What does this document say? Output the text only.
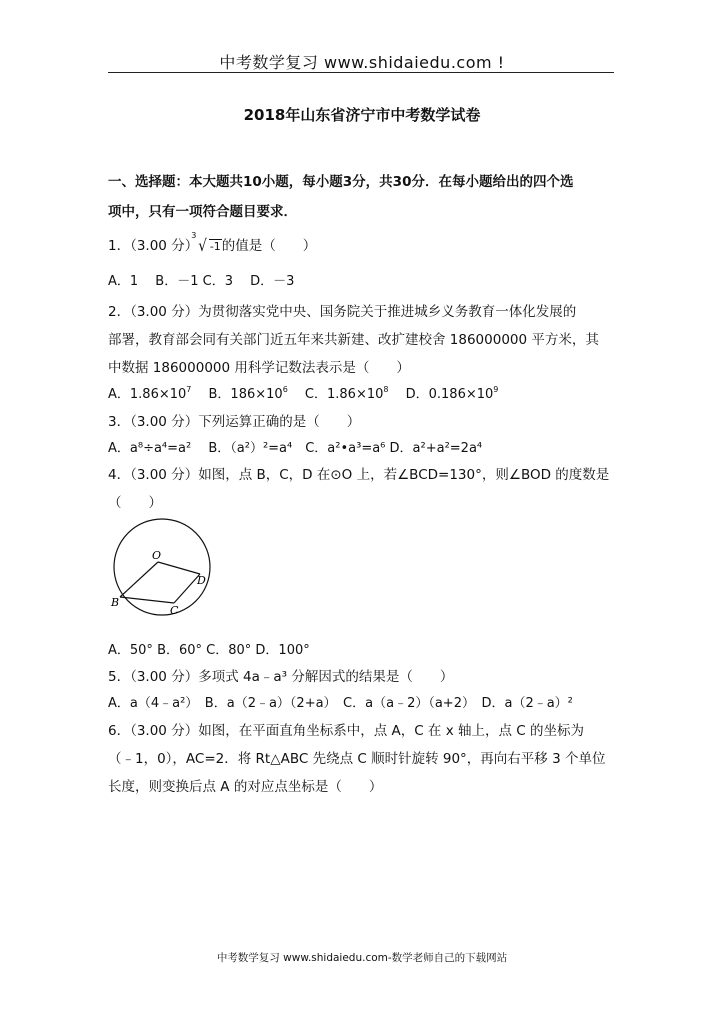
中考数学复习 www.shidaiedu.com !
2018年山东省济宁市中考数学试卷
一、选择题：本大题共10小题，每小题3分，共30分．在每小题给出的四个选
项中，只有一项符合题目要求．
1．（3.00 分）
3
√ -1的值是（　　）
A．1　 B．－1 C．3　 D．－3
2．（3.00 分）为贯彻落实党中央、国务院关于推进城乡义务教育一体化发展的
部署，教育部会同有关部门近五年来共新建、改扩建校舍 186000000 平方米，其
中数据 186000000 用科学记数法表示是（　　）
A．$1.86\times 10^7$　 B．$186\times 10^6$　 C．$1.86\times 10^8$　 D．$0.186\times 10^9$
3．（3.00 分）下列运算正确的是（　　）
A．a⁸÷a⁴=a²　 B．（a²）²=a⁴　C．a²•a³=a⁶ D．a²+a²=2a⁴
4．（3.00 分）如图，点 B，C，D 在⊙O 上，若∠BCD=130°，则∠BOD 的度数是
（　　）
O
B
C
D
A．50° B．60° C．80° D．100°
5．（3.00 分）多项式 4a﹣a³ 分解因式的结果是（　　）
A．a（4﹣a²）　B．a（2﹣a）（2+a）　C．a（a﹣2）（a+2）　D．a（2﹣a）²
6．（3.00 分）如图，在平面直角坐标系中，点 A，C 在 x 轴上，点 C 的坐标为
（﹣1，0），AC=2．将 Rt△ABC 先绕点 C 顺时针旋转 90°，再向右平移 3 个单位
长度，则变换后点 A 的对应点坐标是（　　）
中考数学复习 www.shidaiedu.com-数学老师自己的下载网站
